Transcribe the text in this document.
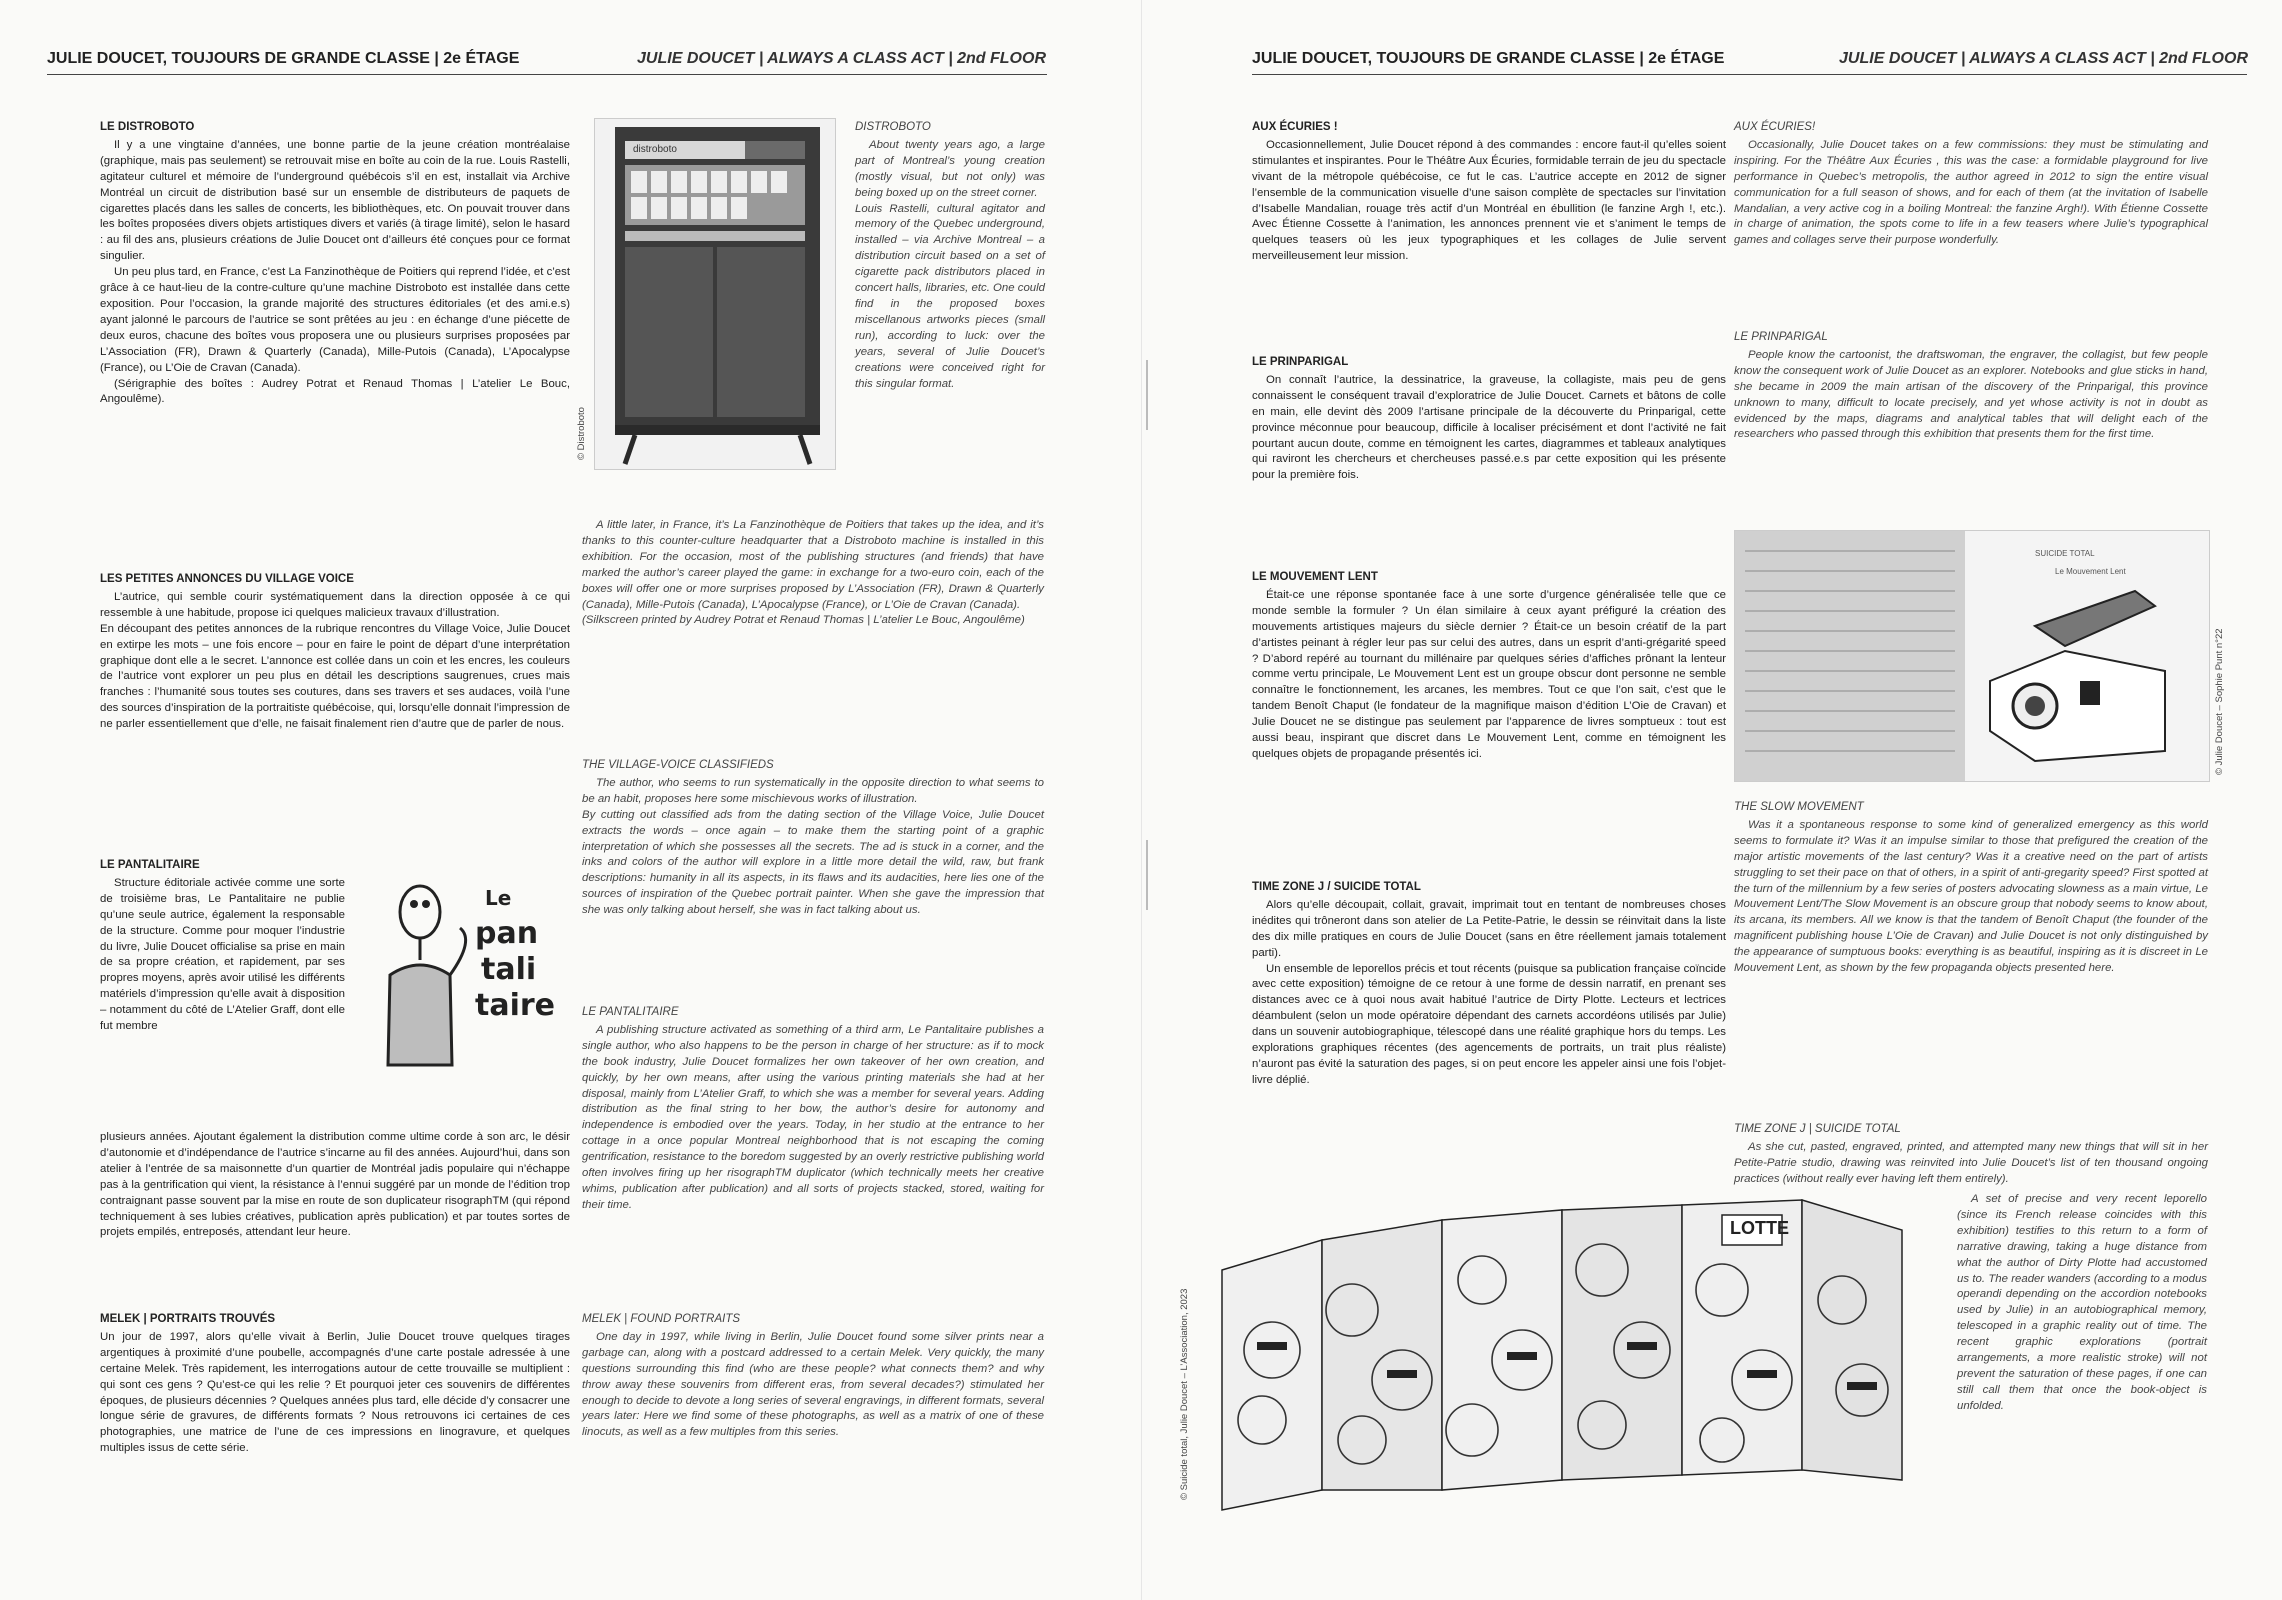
JULIE DOUCET, TOUJOURS DE GRANDE CLASSE | 2e ÉTAGE	JULIE DOUCET | ALWAYS A CLASS ACT | 2nd FLOOR
LE DISTROBOTO

Il y a une vingtaine d’années, une bonne partie de la jeune création montréalaise (graphique, mais pas seulement) se retrouvait mise en boîte au coin de la rue. Louis Rastelli, agitateur culturel et mémoire de l’underground québécois s’il en est, installait via Archive Montréal un circuit de distribution basé sur un ensemble de distributeurs de paquets de cigarettes placés dans les salles de concerts, les bibliothèques, etc. On pouvait trouver dans les boîtes proposées divers objets artistiques divers et variés (à tirage limité), selon le hasard : au fil des ans, plusieurs créations de Julie Doucet ont d’ailleurs été conçues pour ce format singulier.

Un peu plus tard, en France, c’est La Fanzinothèque de Poitiers qui reprend l’idée, et c’est grâce à ce haut-lieu de la contre-culture qu’une machine Distroboto est installée dans cette exposition. Pour l’occasion, la grande majorité des structures éditoriales (et des ami.e.s) ayant jalonné le parcours de l’autrice se sont prêtées au jeu : en échange d’une piécette de deux euros, chacune des boîtes vous proposera une ou plusieurs surprises proposées par L’Association (FR), Drawn & Quarterly (Canada), Mille-Putois (Canada), L’Apocalypse (France), ou L’Oie de Cravan (Canada).

(Sérigraphie des boîtes : Audrey Potrat et Renaud Thomas | L’atelier Le Bouc, Angoulême).

LES PETITES ANNONCES DU VILLAGE VOICE

L’autrice, qui semble courir systématiquement dans la direction opposée à ce qui ressemble à une habitude, propose ici quelques malicieux travaux d’illustration.

En découpant des petites annonces de la rubrique rencontres du Village Voice, Julie Doucet en extirpe les mots – une fois encore – pour en faire le point de départ d’une interprétation graphique dont elle a le secret. L’annonce est collée dans un coin et les encres, les couleurs de l’autrice vont explorer un peu plus en détail les descriptions saugrenues, crues mais franches : l’humanité sous toutes ses coutures, dans ses travers et ses audaces, voilà l’une des sources d’inspiration de la portraitiste québécoise, qui, lorsqu’elle donnait l’impression de ne parler essentiellement que d’elle, ne faisait finalement rien d’autre que de parler de nous.

LE PANTALITAIRE

Structure éditoriale activée comme une sorte de troisième bras, Le Pantalitaire ne publie qu’une seule autrice, également la responsable de la structure. Comme pour moquer l’industrie du livre, Julie Doucet officialise sa prise en main de sa propre création, et rapidement, par ses propres moyens, après avoir utilisé les différents matériels d’impression qu’elle avait à disposition – notamment du côté de L’Atelier Graff, dont elle fut membre

plusieurs années. Ajoutant également la distribution comme ultime corde à son arc, le désir d’autonomie et d’indépendance de l’autrice s’incarne au fil des années. Aujourd’hui, dans son atelier à l’entrée de sa maisonnette d’un quartier de Montréal jadis populaire qui n’échappe pas à la gentrification qui vient, la résistance à l’ennui suggéré par un monde de l’édition trop contraignant passe souvent par la mise en route de son duplicateur risographTM (qui répond techniquement à ses lubies créatives, publication après publication) et par toutes sortes de projets empilés, entreposés, attendant leur heure.

MELEK | PORTRAITS TROUVÉS

Un jour de 1997, alors qu’elle vivait à Berlin, Julie Doucet trouve quelques tirages argentiques à proximité d’une poubelle, accompagnés d’une carte postale adressée à une certaine Melek. Très rapidement, les interrogations autour de cette trouvaille se multiplient : qui sont ces gens ? Qu’est-ce qui les relie ? Et pourquoi jeter ces souvenirs de différentes époques, de plusieurs décennies ? Quelques années plus tard, elle décide d’y consacrer une longue série de gravures, de différents formats ? Nous retrouvons ici certaines de ces photographies, une matrice de l’une de ces impressions en linogravure, et quelques multiples issus de cette série.

Le
pan
tali
taire
distroboto
© Distroboto
DISTROBOTO

About twenty years ago, a large part of Montreal’s young creation (mostly visual, but not only) was being boxed up on the street corner.

Louis Rastelli, cultural agitator and memory of the Quebec underground, installed – via Archive Montreal – a distribution circuit based on a set of cigarette pack distributors placed in concert halls, libraries, etc. One could find in the proposed boxes miscellanous artworks pieces (small run), according to luck: over the years, several of Julie Doucet’s creations were conceived right for this singular format.

A little later, in France, it’s La Fanzinothèque de Poitiers that takes up the idea, and it’s thanks to this counter-culture headquarter that a Distroboto machine is installed in this exhibition. For the occasion, most of the publishing structures (and friends) that have marked the author’s career played the game: in exchange for a two-euro coin, each of the boxes will offer one or more surprises proposed by L’Association (FR), Drawn & Quarterly (Canada), Mille-Putois (Canada), L’Apocalypse (France), or L’Oie de Cravan (Canada).

(Silkscreen printed by Audrey Potrat et Renaud Thomas | L’atelier Le Bouc, Angoulême)

THE VILLAGE-VOICE CLASSIFIEDS

The author, who seems to run systematically in the opposite direction to what seems to be an habit, proposes here some mischievous works of illustration.

By cutting out classified ads from the dating section of the Village Voice, Julie Doucet extracts the words – once again – to make them the starting point of a graphic interpretation of which she possesses all the secrets. The ad is stuck in a corner, and the inks and colors of the author will explore in a little more detail the wild, raw, but frank descriptions: humanity in all its aspects, in its flaws and its audacities, here lies one of the sources of inspiration of the Quebec portrait painter. When she gave the impression that she was only talking about herself, she was in fact talking about us.

LE PANTALITAIRE

A publishing structure activated as something of a third arm, Le Pantalitaire publishes a single author, who also happens to be the person in charge of her structure: as if to mock the book industry, Julie Doucet formalizes her own takeover of her own creation, and quickly, by her own means, after using the various printing materials she had at her disposal, mainly from L’Atelier Graff, to which she was a member for several years. Adding distribution as the final string to her bow, the author’s desire for autonomy and independence is embodied over the years. Today, in her studio at the entrance to her cottage in a once popular Montreal neighborhood that is not escaping the coming gentrification, resistance to the boredom suggested by an overly restrictive publishing world often involves firing up her risographTM duplicator (which technically meets her creative whims, publication after publication) and all sorts of projects stacked, stored, waiting for their time.

MELEK | FOUND PORTRAITS

One day in 1997, while living in Berlin, Julie Doucet found some silver prints near a garbage can, along with a postcard addressed to a certain Melek. Very quickly, the many questions surrounding this find (who are these people? what connects them? and why throw away these souvenirs from different eras, from several decades?) stimulated her enough to decide to devote a long series of several engravings, in different formats, several years later: Here we find some of these photographs, as well as a matrix of one of these linocuts, as well as a few multiples from this series.

JULIE DOUCET, TOUJOURS DE GRANDE CLASSE | 2e ÉTAGE	JULIE DOUCET | ALWAYS A CLASS ACT | 2nd FLOOR
AUX ÉCURIES !

Occasionnellement, Julie Doucet répond à des commandes : encore faut-il qu’elles soient stimulantes et inspirantes. Pour le Théâtre Aux Écuries, formidable terrain de jeu du spectacle vivant de la métropole québécoise, ce fut le cas. L’autrice accepte en 2012 de signer l’ensemble de la communication visuelle d’une saison complète de spectacles sur l’invitation d’Isabelle Mandalian, rouage très actif d’un Montréal en ébullition (le fanzine Argh !, etc.). Avec Étienne Cossette à l’animation, les annonces prennent vie et s’animent le temps de quelques teasers où les jeux typographiques et les collages de Julie servent merveilleusement leur mission.

LE PRINPARIGAL

On connaît l’autrice, la dessinatrice, la graveuse, la collagiste, mais peu de gens connaissent le conséquent travail d’exploratrice de Julie Doucet. Carnets et bâtons de colle en main, elle devint dès 2009 l’artisane principale de la découverte du Prinparigal, cette province méconnue pour beaucoup, difficile à localiser précisément et dont l’activité ne fait pourtant aucun doute, comme en témoignent les cartes, diagrammes et tableaux analytiques qui raviront les chercheurs et chercheuses passé.e.s par cette exposition qui les présente pour la première fois.

LE MOUVEMENT LENT

Était-ce une réponse spontanée face à une sorte d’urgence généralisée telle que ce monde semble la formuler ? Un élan similaire à ceux ayant préfiguré la création des mouvements artistiques majeurs du siècle dernier ? Était-ce un besoin créatif de la part d’artistes peinant à régler leur pas sur celui des autres, dans un esprit d’anti-grégarité speed ? D’abord repéré au tournant du millénaire par quelques séries d’affiches prônant la lenteur comme vertu principale, Le Mouvement Lent est un groupe obscur dont personne ne semble connaître le fonctionnement, les arcanes, les membres. Tout ce que l’on sait, c’est que le tandem Benoît Chaput (le fondateur de la magnifique maison d’édition L’Oie de Cravan) et Julie Doucet ne se distingue pas seulement par l’apparence de livres somptueux : tout est aussi beau, inspirant que discret dans Le Mouvement Lent, comme en témoignent les quelques objets de propagande présentés ici.

TIME ZONE J / SUICIDE TOTAL

Alors qu’elle découpait, collait, gravait, imprimait tout en tentant de nombreuses choses inédites qui trôneront dans son atelier de La Petite-Patrie, le dessin se réinvitait dans la liste des dix mille pratiques en cours de Julie Doucet (sans en être réellement jamais totalement parti).

Un ensemble de leporellos précis et tout récents (puisque sa publication française coïncide avec cette exposition) témoigne de ce retour à une forme de dessin narratif, en prenant ses distances avec ce à quoi nous avait habitué l’autrice de Dirty Plotte. Lecteurs et lectrices déambulent (selon un mode opératoire dépendant des carnets accordéons utilisés par Julie) dans un souvenir autobiographique, télescopé dans une réalité graphique hors du temps. Les explorations graphiques récentes (des agencements de portraits, un trait plus réaliste) n’auront pas évité la saturation des pages, si on peut encore les appeler ainsi une fois l’objet-livre déplié.

AUX ÉCURIES!

Occasionally, Julie Doucet takes on a few commissions: they must be stimulating and inspiring. For the Théâtre Aux Écuries , this was the case: a formidable playground for live performance in Quebec’s metropolis, the author agreed in 2012 to sign the entire visual communication for a full season of shows, and for each of them (at the invitation of Isabelle Mandalian, a very active cog in a boiling Montreal: the fanzine Argh!). With Étienne Cossette in charge of animation, the spots come to life in a few teasers where Julie’s typographical games and collages serve their purpose wonderfully.

LE PRINPARIGAL

People know the cartoonist, the draftswoman, the engraver, the collagist, but few people know the consequent work of Julie Doucet as an explorer. Notebooks and glue sticks in hand, she became in 2009 the main artisan of the discovery of the Prinparigal, this province unknown to many, difficult to locate precisely, and yet whose activity is not in doubt as evidenced by the maps, diagrams and analytical tables that will delight each of the researchers who passed through this exhibition that presents them for the first time.

SUICIDE TOTAL
Le Mouvement Lent
© Julie Doucet – Sophie Punt n°22
THE SLOW MOVEMENT

Was it a spontaneous response to some kind of generalized emergency as this world seems to formulate it? Was it an impulse similar to those that prefigured the creation of the major artistic movements of the last century? Was it a creative need on the part of artists struggling to set their pace on that of others, in a spirit of anti-gregarity speed? First spotted at the turn of the millennium by a few series of posters advocating slowness as a main virtue, Le Mouvement Lent/The Slow Movement is an obscure group that nobody seems to know about, its arcana, its members. All we know is that the tandem of Benoît Chaput (the founder of the magnificent publishing house L’Oie de Cravan) and Julie Doucet is not only distinguished by the appearance of sumptuous books: everything is as beautiful, inspiring as it is discreet in Le Mouvement Lent, as shown by the few propaganda objects presented here.

TIME ZONE J | SUICIDE TOTAL

As she cut, pasted, engraved, printed, and attempted many new things that will sit in her Petite-Patrie studio, drawing was reinvited into Julie Doucet’s list of ten thousand ongoing practices (without really ever having left them entirely).

A set of precise and very recent leporello (since its French release coincides with this exhibition) testifies to this return to a form of narrative drawing, taking a huge distance from what the author of Dirty Plotte had accustomed us to. The reader wanders (according to a modus operandi depending on the accordion notebooks used by Julie) in an autobiographical memory, telescoped in a graphic reality out of time. The recent graphic explorations (portrait arrangements, a more realistic stroke) will not prevent the saturation of these pages, if one can still call them that once the book-object is unfolded.

LOTTE
© Suicide total, Julie Doucet – L’Association, 2023
